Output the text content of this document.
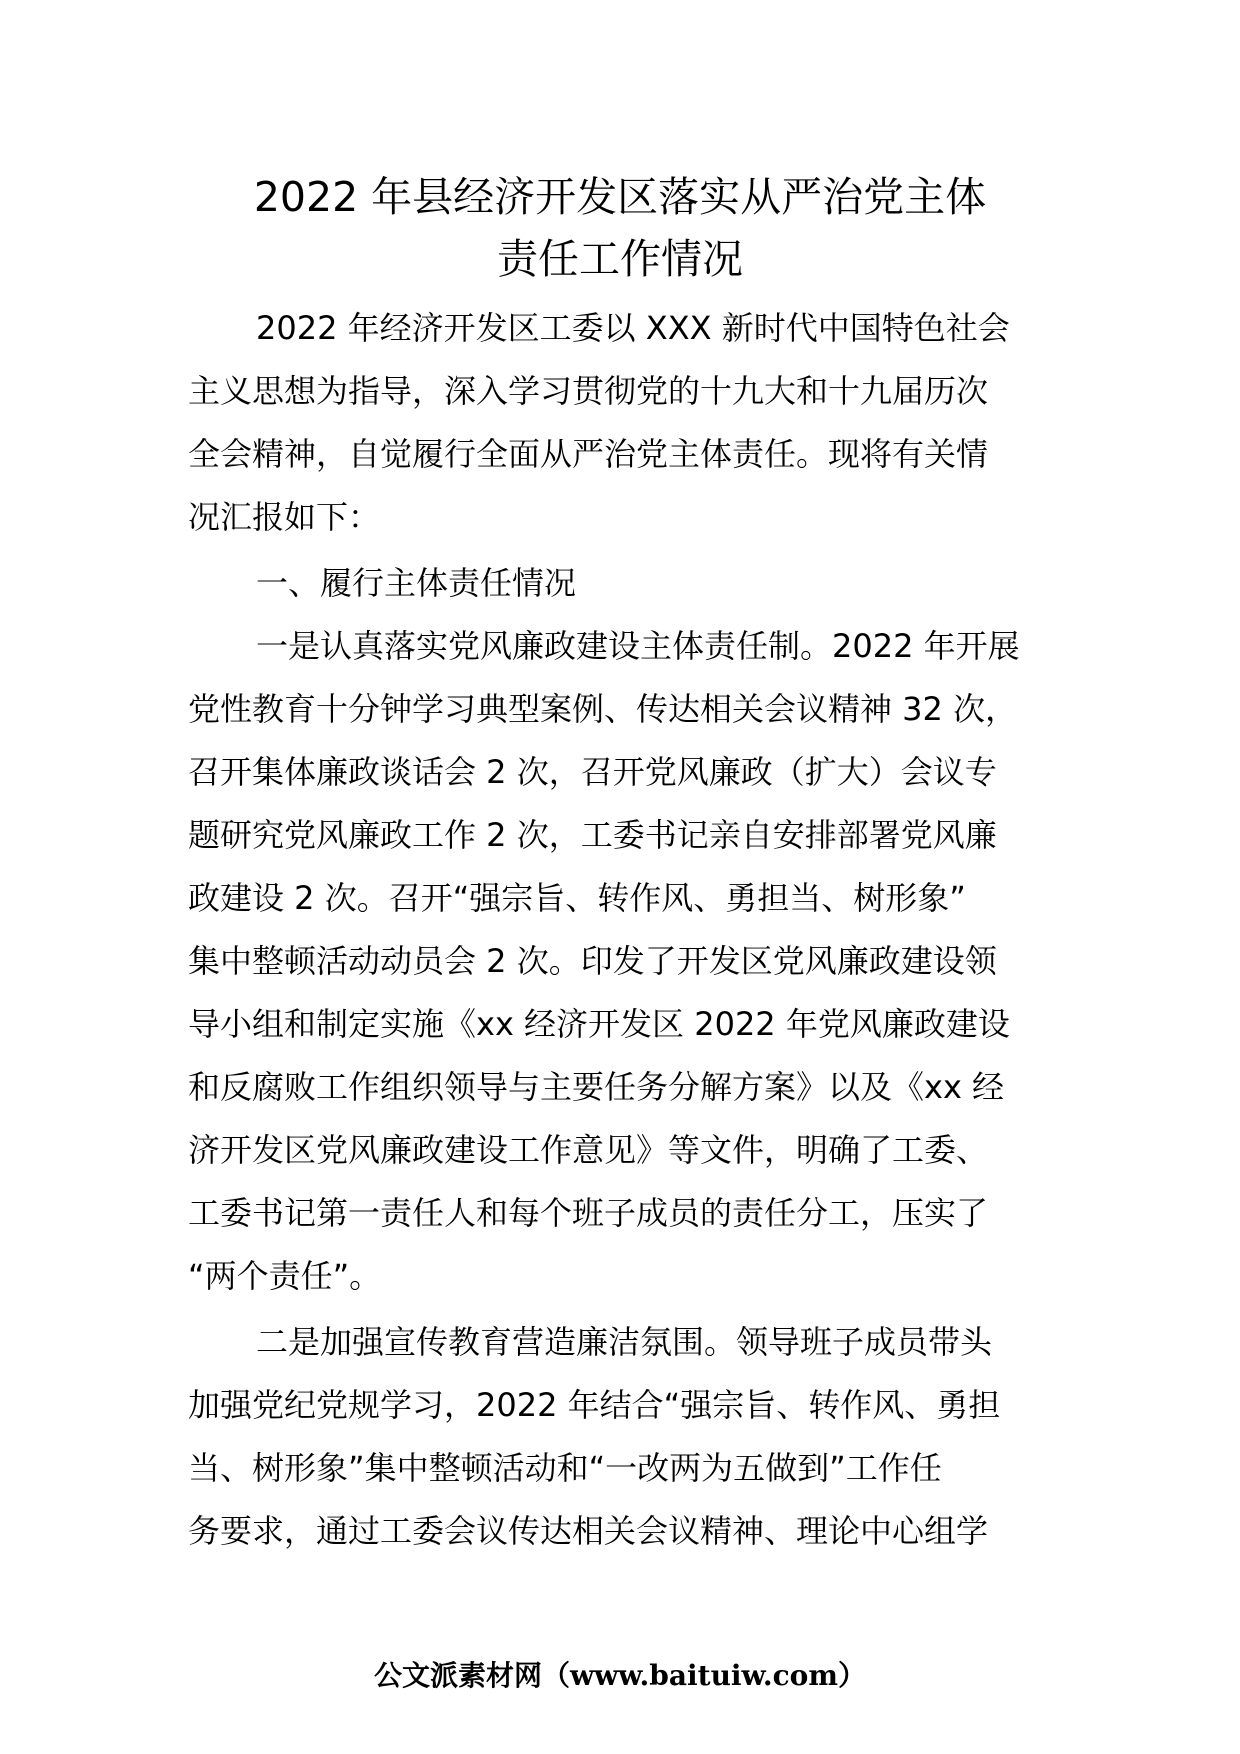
2022 年县经济开发区落实从严治党主体
责任工作情况
2022 年经济开发区工委以 XXX 新时代中国特色社会
主义思想为指导，深入学习贯彻党的十九大和十九届历次
全会精神，自觉履行全面从严治党主体责任。现将有关情
况汇报如下：
一、履行主体责任情况
一是认真落实党风廉政建设主体责任制。2022 年开展
党性教育十分钟学习典型案例、传达相关会议精神 32 次，
召开集体廉政谈话会 2 次，召开党风廉政（扩大）会议专
题研究党风廉政工作 2 次，工委书记亲自安排部署党风廉
政建设 2 次。召开“强宗旨、转作风、勇担当、树形象”
集中整顿活动动员会 2 次。印发了开发区党风廉政建设领
导小组和制定实施《xx 经济开发区 2022 年党风廉政建设
和反腐败工作组织领导与主要任务分解方案》以及《xx 经
济开发区党风廉政建设工作意见》等文件，明确了工委、
工委书记第一责任人和每个班子成员的责任分工，压实了
“两个责任”。
二是加强宣传教育营造廉洁氛围。领导班子成员带头
加强党纪党规学习，2022 年结合“强宗旨、转作风、勇担
当、树形象”集中整顿活动和“一改两为五做到”工作任
务要求，通过工委会议传达相关会议精神、理论中心组学
公文派素材网（www.baituiw.com）
